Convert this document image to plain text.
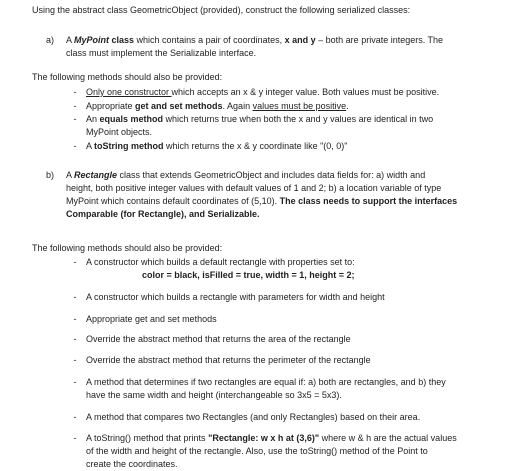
Using the abstract class GeometricObject (provided), construct the following serialized classes:
a) A MyPoint class which contains a pair of coordinates, x and y – both are private integers. The
class must implement the Serializable interface.
The following methods should also be provided:
- Only one constructor which accepts an x & y integer value. Both values must be positive.
- Appropriate get and set methods. Again values must be positive.
- An equals method which returns true when both the x and y values are identical in two
MyPoint objects.
- A toString method which returns the x & y coordinate like "(0, 0)"
b) A Rectangle class that extends GeometricObject and includes data fields for: a) width and
height, both positive integer values with default values of 1 and 2; b) a location variable of type
MyPoint which contains default coordinates of (5,10). The class needs to support the interfaces
Comparable (for Rectangle), and Serializable.
The following methods should also be provided:
- A constructor which builds a default rectangle with properties set to:
color = black, isFilled = true, width = 1, height = 2;
- A constructor which builds a rectangle with parameters for width and height
- Appropriate get and set methods
- Override the abstract method that returns the area of the rectangle
- Override the abstract method that returns the perimeter of the rectangle
- A method that determines if two rectangles are equal if: a) both are rectangles, and b) they
have the same width and height (interchangeable so 3x5 = 5x3).
- A method that compares two Rectangles (and only Rectangles) based on their area.
- A toString() method that prints "Rectangle: w x h at (3,6)" where w & h are the actual values
of the width and height of the rectangle. Also, use the toString() method of the Point to
create the coordinates.
